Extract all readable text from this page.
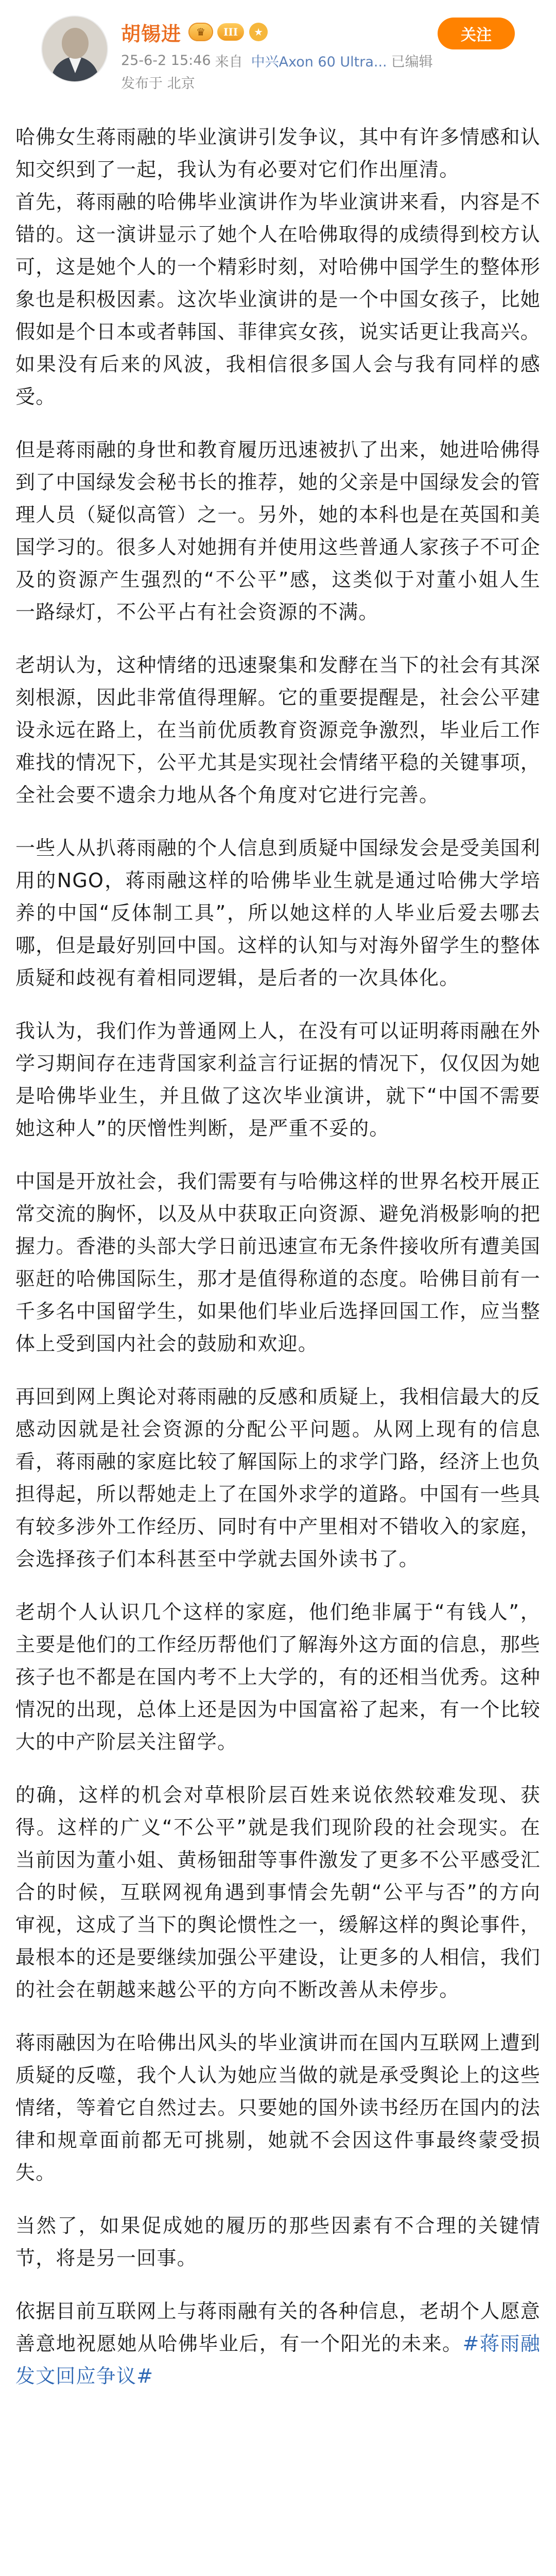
胡锡进 ♛	III	★
25-6-2 15:46 来自 中兴Axon 60 Ultra... 已编辑
发布于 北京
关注

哈佛女生蒋雨融的毕业演讲引发争议，其中有许多情感和认知交织到了一起，我认为有必要对它们作出厘清。
首先，蒋雨融的哈佛毕业演讲作为毕业演讲来看，内容是不错的。这一演讲显示了她个人在哈佛取得的成绩得到校方认可，这是她个人的一个精彩时刻，对哈佛中国学生的整体形象也是积极因素。这次毕业演讲的是一个中国女孩子，比她假如是个日本或者韩国、菲律宾女孩，说实话更让我高兴。如果没有后来的风波，我相信很多国人会与我有同样的感受。

但是蒋雨融的身世和教育履历迅速被扒了出来，她进哈佛得到了中国绿发会秘书长的推荐，她的父亲是中国绿发会的管理人员（疑似高管）之一。另外，她的本科也是在英国和美国学习的。很多人对她拥有并使用这些普通人家孩子不可企及的资源产生强烈的“不公平”感，这类似于对董小姐人生一路绿灯，不公平占有社会资源的不满。

老胡认为，这种情绪的迅速聚集和发酵在当下的社会有其深刻根源，因此非常值得理解。它的重要提醒是，社会公平建设永远在路上，在当前优质教育资源竞争激烈，毕业后工作难找的情况下，公平尤其是实现社会情绪平稳的关键事项，全社会要不遗余力地从各个角度对它进行完善。

一些人从扒蒋雨融的个人信息到质疑中国绿发会是受美国利用的NGO，蒋雨融这样的哈佛毕业生就是通过哈佛大学培养的中国“反体制工具”，所以她这样的人毕业后爱去哪去哪，但是最好别回中国。这样的认知与对海外留学生的整体质疑和歧视有着相同逻辑，是后者的一次具体化。

我认为，我们作为普通网上人，在没有可以证明蒋雨融在外学习期间存在违背国家利益言行证据的情况下，仅仅因为她是哈佛毕业生，并且做了这次毕业演讲，就下“中国不需要她这种人”的厌憎性判断，是严重不妥的。

中国是开放社会，我们需要有与哈佛这样的世界名校开展正常交流的胸怀，以及从中获取正向资源、避免消极影响的把握力。香港的头部大学日前迅速宣布无条件接收所有遭美国驱赶的哈佛国际生，那才是值得称道的态度。哈佛目前有一千多名中国留学生，如果他们毕业后选择回国工作，应当整体上受到国内社会的鼓励和欢迎。

再回到网上舆论对蒋雨融的反感和质疑上，我相信最大的反感动因就是社会资源的分配公平问题。从网上现有的信息看，蒋雨融的家庭比较了解国际上的求学门路，经济上也负担得起，所以帮她走上了在国外求学的道路。中国有一些具有较多涉外工作经历、同时有中产里相对不错收入的家庭，会选择孩子们本科甚至中学就去国外读书了。

老胡个人认识几个这样的家庭，他们绝非属于“有钱人”，主要是他们的工作经历帮他们了解海外这方面的信息，那些孩子也不都是在国内考不上大学的，有的还相当优秀。这种情况的出现，总体上还是因为中国富裕了起来，有一个比较大的中产阶层关注留学。

的确，这样的机会对草根阶层百姓来说依然较难发现、获得。这样的广义“不公平”就是我们现阶段的社会现实。在当前因为董小姐、黄杨钿甜等事件激发了更多不公平感受汇合的时候，互联网视角遇到事情会先朝“公平与否”的方向审视，这成了当下的舆论惯性之一，缓解这样的舆论事件，最根本的还是要继续加强公平建设，让更多的人相信，我们的社会在朝越来越公平的方向不断改善从未停步。

蒋雨融因为在哈佛出风头的毕业演讲而在国内互联网上遭到质疑的反噬，我个人认为她应当做的就是承受舆论上的这些情绪，等着它自然过去。只要她的国外读书经历在国内的法律和规章面前都无可挑剔，她就不会因这件事最终蒙受损失。

当然了，如果促成她的履历的那些因素有不合理的关键情节，将是另一回事。

依据目前互联网上与蒋雨融有关的各种信息，老胡个人愿意善意地祝愿她从哈佛毕业后，有一个阳光的未来。#蒋雨融发文回应争议#
